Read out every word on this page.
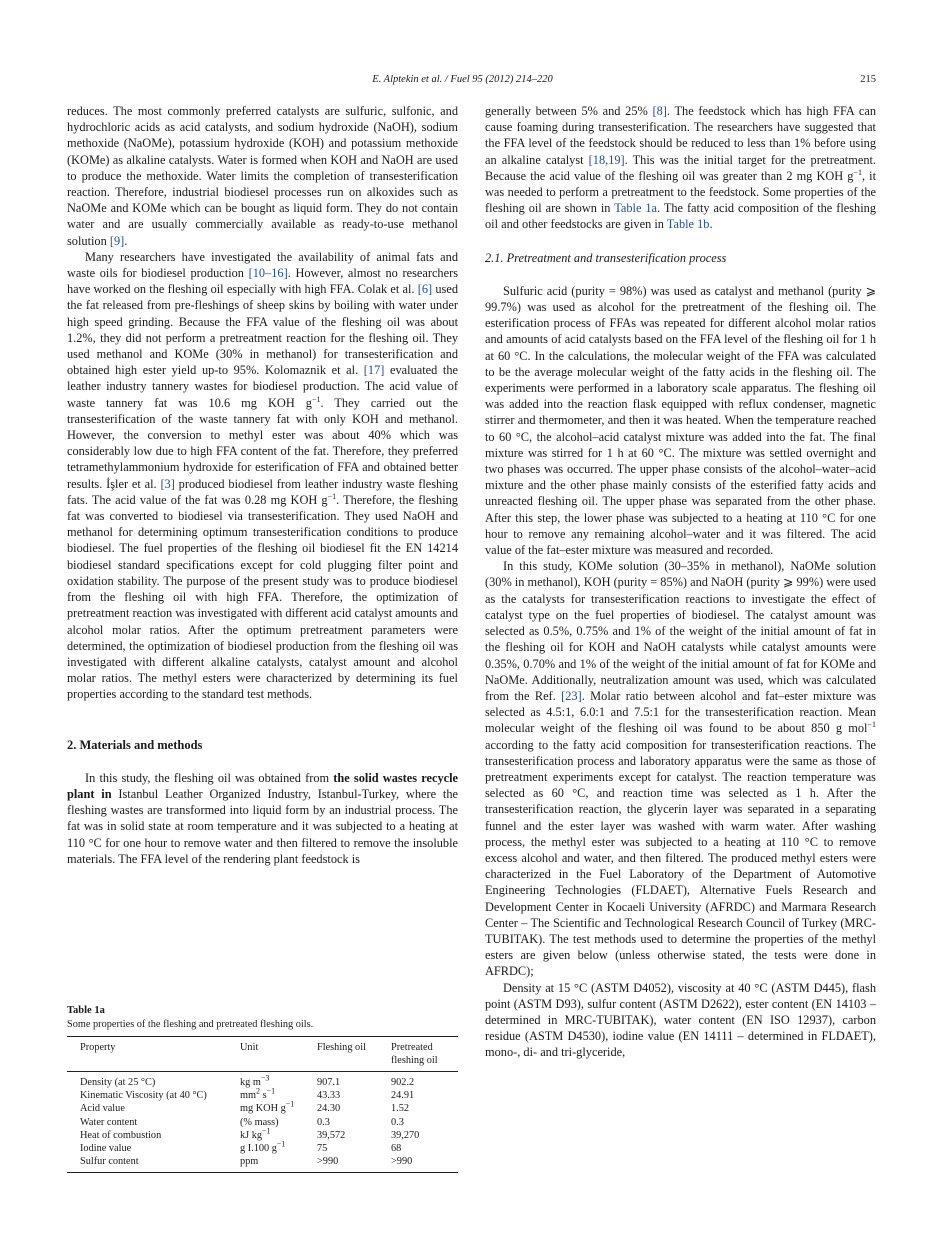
E. Alptekin et al. / Fuel 95 (2012) 214–220	215

reduces. The most commonly preferred catalysts are sulfuric, sulfonic, and hydrochloric acids as acid catalysts, and sodium hydroxide (NaOH), sodium methoxide (NaOMe), potassium hydroxide (KOH) and potassium methoxide (KOMe) as alkaline catalysts. Water is formed when KOH and NaOH are used to produce the methoxide. Water limits the completion of transesterification reaction. Therefore, industrial biodiesel processes run on alkoxides such as NaOMe and KOMe which can be bought as liquid form. They do not contain water and are usually commercially available as ready-to-use methanol solution [9].

Many researchers have investigated the availability of animal fats and waste oils for biodiesel production [10–16]. However, almost no researchers have worked on the fleshing oil especially with high FFA. Colak et al. [6] used the fat released from pre-fleshings of sheep skins by boiling with water under high speed grinding. Because the FFA value of the fleshing oil was about 1.2%, they did not perform a pretreatment reaction for the fleshing oil. They used methanol and KOMe (30% in methanol) for transesterification and obtained high ester yield up-to 95%. Kolomaznik et al. [17] evaluated the leather industry tannery wastes for biodiesel production. The acid value of waste tannery fat was 10.6 mg KOH $g^{-1}$. They carried out the transesterification of the waste tannery fat with only KOH and methanol. However, the conversion to methyl ester was about 40% which was considerably low due to high FFA content of the fat. Therefore, they preferred tetramethylammonium hydroxide for esterification of FFA and obtained better results. İşler et al. [3] produced biodiesel from leather industry waste fleshing fats. The acid value of the fat was 0.28 mg KOH $g^{-1}$. Therefore, the fleshing fat was converted to biodiesel via transesterification. They used NaOH and methanol for determining optimum transesterification conditions to produce biodiesel. The fuel properties of the fleshing oil biodiesel fit the EN 14214 biodiesel standard specifications except for cold plugging filter point and oxidation stability. The purpose of the present study was to produce biodiesel from the fleshing oil with high FFA. Therefore, the optimization of pretreatment reaction was investigated with different acid catalyst amounts and alcohol molar ratios. After the optimum pretreatment parameters were determined, the optimization of biodiesel production from the fleshing oil was investigated with different alkaline catalysts, catalyst amount and alcohol molar ratios. The methyl esters were characterized by determining its fuel properties according to the standard test methods.

2. Materials and methods

In this study, the fleshing oil was obtained from the solid wastes recycle plant in Istanbul Leather Organized Industry, Istanbul-Turkey, where the fleshing wastes are transformed into liquid form by an industrial process. The fat was in solid state at room temperature and it was subjected to a heating at 110 °C for one hour to remove water and then filtered to remove the insoluble materials. The FFA level of the rendering plant feedstock is

Table 1a
Some properties of the fleshing and pretreated fleshing oils.
Property	Unit	Fleshing oil	Pretreated fleshing oil
Density (at 25 °C)	kg $m^{-3}$	907.1	902.2
Kinematic Viscosity (at 40 °C)	$mm^2$ $s^{-1}$	43.33	24.91
Acid value	mg KOH $g^{-1}$	24.30	1.52
Water content	(% mass)	0.3	0.3
Heat of combustion	kJ $kg^{-1}$	39,572	39,270
Iodine value	g I.100 $g^{-1}$	75	68
Sulfur content	ppm	>990	>990

generally between 5% and 25% [8]. The feedstock which has high FFA can cause foaming during transesterification. The researchers have suggested that the FFA level of the feedstock should be reduced to less than 1% before using an alkaline catalyst [18,19]. This was the initial target for the pretreatment. Because the acid value of the fleshing oil was greater than 2 mg KOH $g^{-1}$, it was needed to perform a pretreatment to the feedstock. Some properties of the fleshing oil are shown in Table 1a. The fatty acid composition of the fleshing oil and other feedstocks are given in Table 1b.

2.1. Pretreatment and transesterification process

Sulfuric acid (purity = 98%) was used as catalyst and methanol (purity ⩾ 99.7%) was used as alcohol for the pretreatment of the fleshing oil. The esterification process of FFAs was repeated for different alcohol molar ratios and amounts of acid catalysts based on the FFA level of the fleshing oil for 1 h at 60 °C. In the calculations, the molecular weight of the FFA was calculated to be the average molecular weight of the fatty acids in the fleshing oil. The experiments were performed in a laboratory scale apparatus. The fleshing oil was added into the reaction flask equipped with reflux condenser, magnetic stirrer and thermometer, and then it was heated. When the temperature reached to 60 °C, the alcohol–acid catalyst mixture was added into the fat. The final mixture was stirred for 1 h at 60 °C. The mixture was settled overnight and two phases was occurred. The upper phase consists of the alcohol–water–acid mixture and the other phase mainly consists of the esterified fatty acids and unreacted fleshing oil. The upper phase was separated from the other phase. After this step, the lower phase was subjected to a heating at 110 °C for one hour to remove any remaining alcohol–water and it was filtered. The acid value of the fat–ester mixture was measured and recorded.

In this study, KOMe solution (30–35% in methanol), NaOMe solution (30% in methanol), KOH (purity = 85%) and NaOH (purity ⩾ 99%) were used as the catalysts for transesterification reactions to investigate the effect of catalyst type on the fuel properties of biodiesel. The catalyst amount was selected as 0.5%, 0.75% and 1% of the weight of the initial amount of fat in the fleshing oil for KOH and NaOH catalysts while catalyst amounts were 0.35%, 0.70% and 1% of the weight of the initial amount of fat for KOMe and NaOMe. Additionally, neutralization amount was used, which was calculated from the Ref. [23]. Molar ratio between alcohol and fat–ester mixture was selected as 4.5:1, 6.0:1 and 7.5:1 for the transesterification reaction. Mean molecular weight of the fleshing oil was found to be about 850 g mol$^{-1}$ according to the fatty acid composition for transesterification reactions. The transesterification process and laboratory apparatus were the same as those of pretreatment experiments except for catalyst. The reaction temperature was selected as 60 °C, and reaction time was selected as 1 h. After the transesterification reaction, the glycerin layer was separated in a separating funnel and the ester layer was washed with warm water. After washing process, the methyl ester was subjected to a heating at 110 °C to remove excess alcohol and water, and then filtered. The produced methyl esters were characterized in the Fuel Laboratory of the Department of Automotive Engineering Technologies (FLDAET), Alternative Fuels Research and Development Center in Kocaeli University (AFRDC) and Marmara Research Center – The Scientific and Technological Research Council of Turkey (MRC-TUBITAK). The test methods used to determine the properties of the methyl esters are given below (unless otherwise stated, the tests were done in AFRDC);

Density at 15 °C (ASTM D4052), viscosity at 40 °C (ASTM D445), flash point (ASTM D93), sulfur content (ASTM D2622), ester content (EN 14103 – determined in MRC-TUBITAK), water content (EN ISO 12937), carbon residue (ASTM D4530), iodine value (EN 14111 – determined in FLDAET), mono-, di- and tri-glyceride,
